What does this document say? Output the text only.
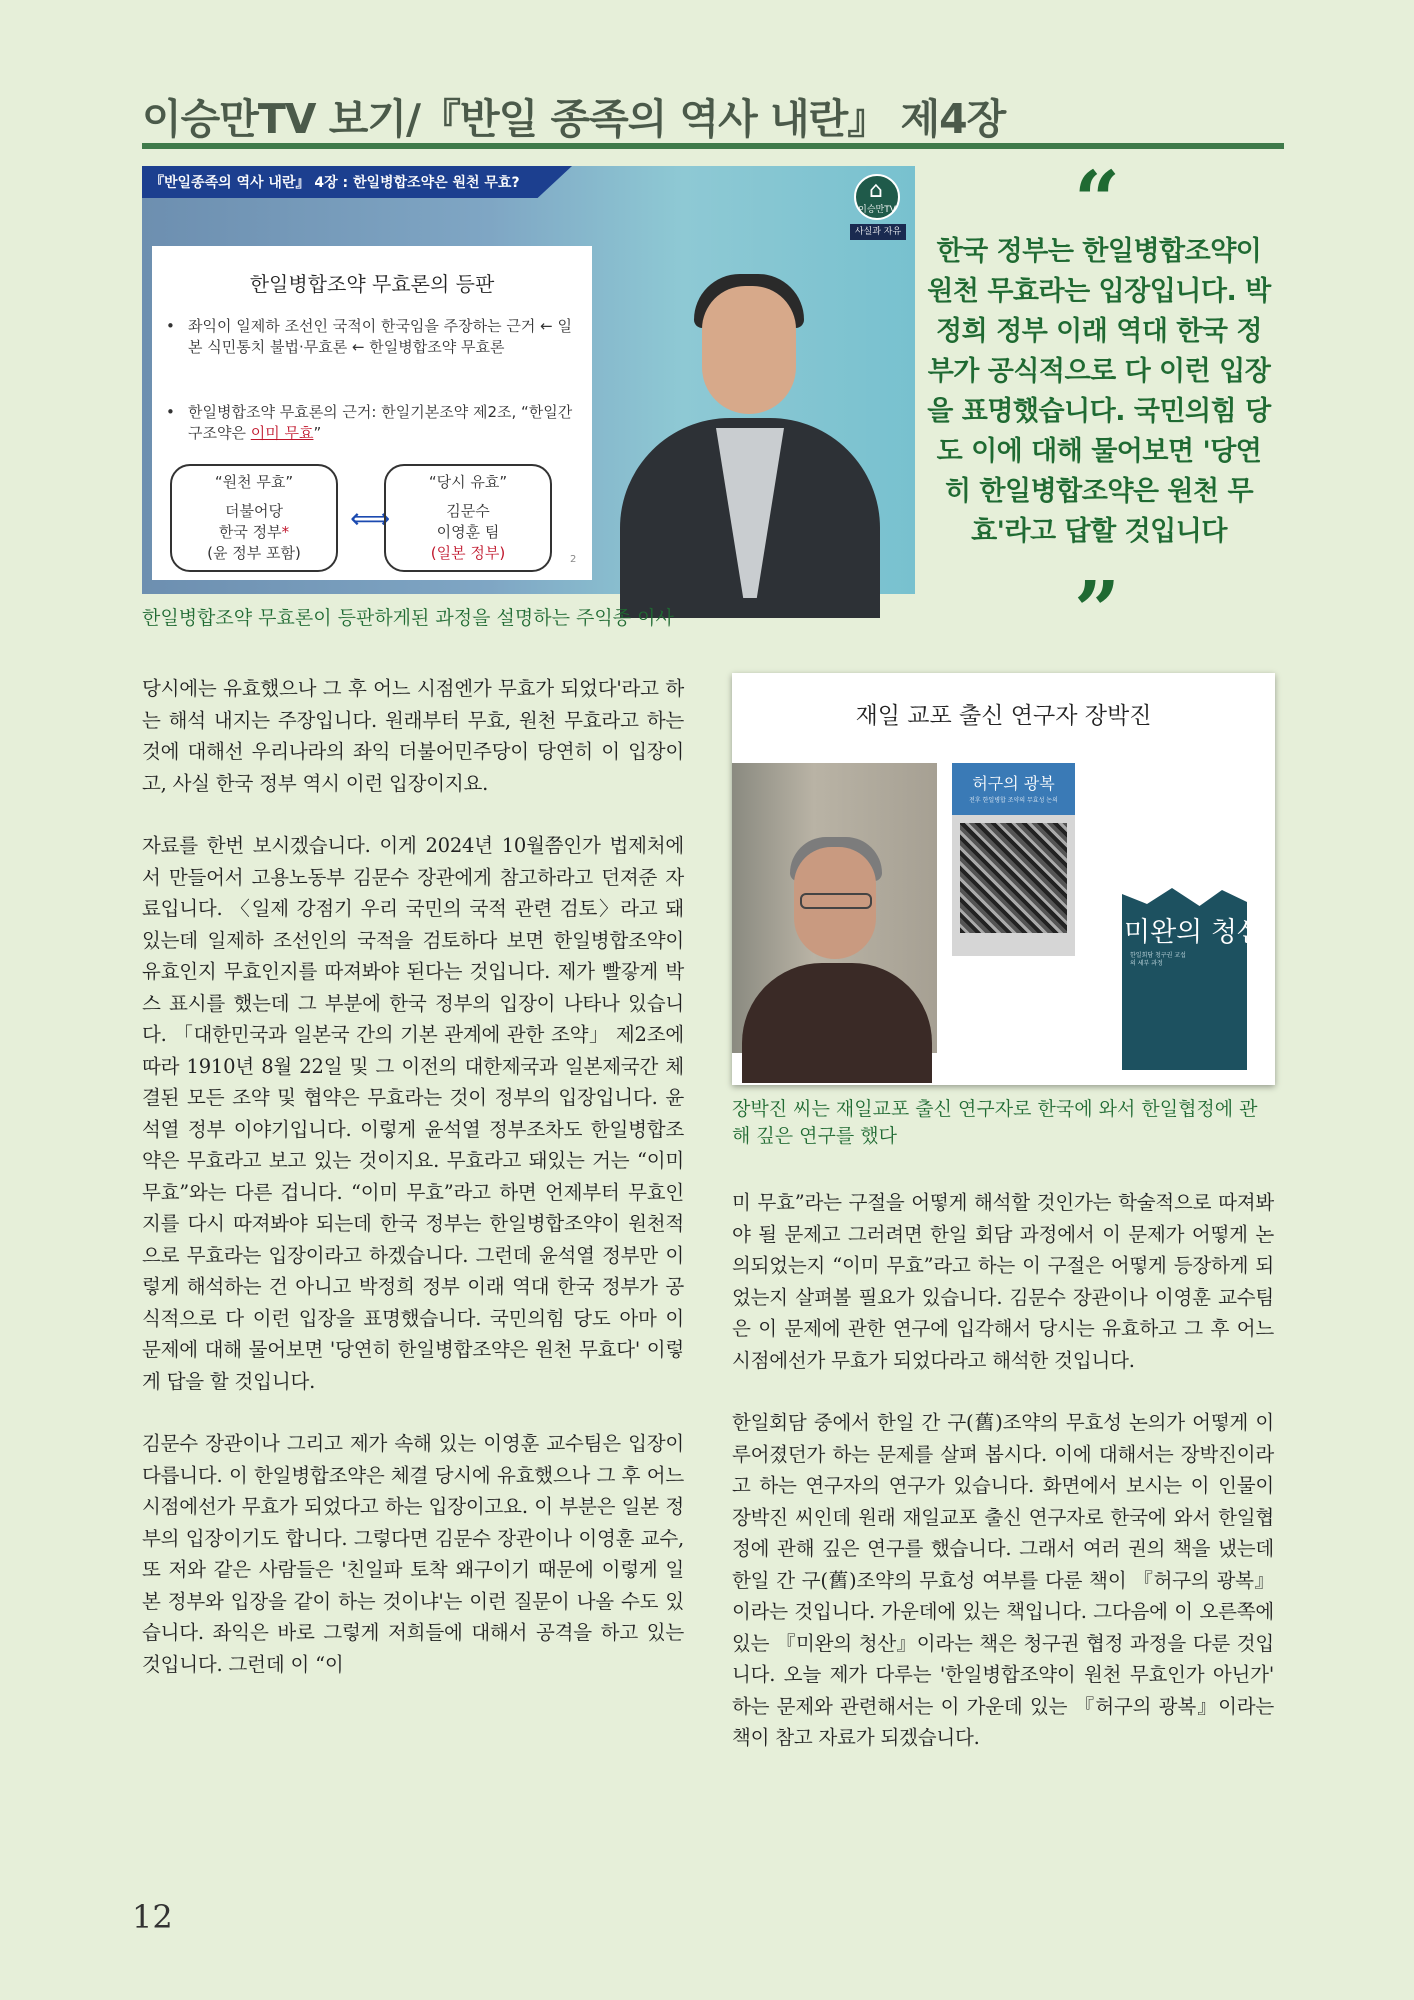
이승만TV 보기/『반일 종족의 역사 내란』 제4장
『반일종족의 역사 내란』 4장 : 한일병합조약은 원천 무효?
⌂ 이승만TV
사실과 자유
한일병합조약 무효론의 등판
• 좌익이 일제하 조선인 국적이 한국임을 주장하는 근거 ← 일본 식민통치 불법·무효론 ← 한일병합조약 무효론
• 한일병합조약 무효론의 근거: 한일기본조약 제2조, “한일간 구조약은 이미 무효”
“원천 무효”
더불어당
한국 정부*
(윤 정부 포함)
⟺
“당시 유효”
김문수
이영훈 팀
(일본 정부)	2
한일병합조약 무효론이 등판하게된 과정을 설명하는 주익종 이사
“
한국 정부는 한일병합조약이 원천 무효라는 입장입니다. 박정희 정부 이래 역대 한국 정부가 공식적으로 다 이런 입장을 표명했습니다. 국민의힘 당도 이에 대해 물어보면 '당연히 한일병합조약은 원천 무효'라고 답할 것입니다
”

당시에는 유효했으나 그 후 어느 시점엔가 무효가 되었다'라고 하는 해석 내지는 주장입니다. 원래부터 무효, 원천 무효라고 하는 것에 대해선 우리나라의 좌익 더불어민주당이 당연히 이 입장이고, 사실 한국 정부 역시 이런 입장이지요.

자료를 한번 보시겠습니다. 이게 2024년 10월쯤인가 법제처에서 만들어서 고용노동부 김문수 장관에게 참고하라고 던져준 자료입니다. 〈일제 강점기 우리 국민의 국적 관련 검토〉라고 돼 있는데 일제하 조선인의 국적을 검토하다 보면 한일병합조약이 유효인지 무효인지를 따져봐야 된다는 것입니다. 제가 빨갛게 박스 표시를 했는데 그 부분에 한국 정부의 입장이 나타나 있습니다. 「대한민국과 일본국 간의 기본 관계에 관한 조약」 제2조에 따라 1910년 8월 22일 및 그 이전의 대한제국과 일본제국간 체결된 모든 조약 및 협약은 무효라는 것이 정부의 입장입니다. 윤석열 정부 이야기입니다. 이렇게 윤석열 정부조차도 한일병합조약은 무효라고 보고 있는 것이지요. 무효라고 돼있는 거는 “이미 무효”와는 다른 겁니다. “이미 무효”라고 하면 언제부터 무효인지를 다시 따져봐야 되는데 한국 정부는 한일병합조약이 원천적으로 무효라는 입장이라고 하겠습니다. 그런데 윤석열 정부만 이렇게 해석하는 건 아니고 박정희 정부 이래 역대 한국 정부가 공식적으로 다 이런 입장을 표명했습니다. 국민의힘 당도 아마 이 문제에 대해 물어보면 '당연히 한일병합조약은 원천 무효다' 이렇게 답을 할 것입니다.

김문수 장관이나 그리고 제가 속해 있는 이영훈 교수팀은 입장이 다릅니다. 이 한일병합조약은 체결 당시에 유효했으나 그 후 어느 시점에선가 무효가 되었다고 하는 입장이고요. 이 부분은 일본 정부의 입장이기도 합니다. 그렇다면 김문수 장관이나 이영훈 교수, 또 저와 같은 사람들은 '친일파 토착 왜구이기 때문에 이렇게 일본 정부와 입장을 같이 하는 것이냐'는 이런 질문이 나올 수도 있습니다. 좌익은 바로 그렇게 저희들에 대해서 공격을 하고 있는 것입니다. 그런데 이 “이

재일 교포 출신 연구자 장박진
허구의 광복
전후 한일병합 조약의 무효성 논의
미완의 청산
한일회담 청구권 교섭의 세부 과정
장박진 씨는 재일교포 출신 연구자로 한국에 와서 한일협정에 관해 깊은 연구를 했다

미 무효”라는 구절을 어떻게 해석할 것인가는 학술적으로 따져봐야 될 문제고 그러려면 한일 회담 과정에서 이 문제가 어떻게 논의되었는지 “이미 무효”라고 하는 이 구절은 어떻게 등장하게 되었는지 살펴볼 필요가 있습니다. 김문수 장관이나 이영훈 교수팀은 이 문제에 관한 연구에 입각해서 당시는 유효하고 그 후 어느 시점에선가 무효가 되었다라고 해석한 것입니다.

한일회담 중에서 한일 간 구(舊)조약의 무효성 논의가 어떻게 이루어졌던가 하는 문제를 살펴 봅시다. 이에 대해서는 장박진이라고 하는 연구자의 연구가 있습니다. 화면에서 보시는 이 인물이 장박진 씨인데 원래 재일교포 출신 연구자로 한국에 와서 한일협정에 관해 깊은 연구를 했습니다. 그래서 여러 권의 책을 냈는데 한일 간 구(舊)조약의 무효성 여부를 다룬 책이 『허구의 광복』이라는 것입니다. 가운데에 있는 책입니다. 그다음에 이 오른쪽에 있는 『미완의 청산』이라는 책은 청구권 협정 과정을 다룬 것입니다. 오늘 제가 다루는 '한일병합조약이 원천 무효인가 아닌가' 하는 문제와 관련해서는 이 가운데 있는 『허구의 광복』이라는 책이 참고 자료가 되겠습니다.

12
